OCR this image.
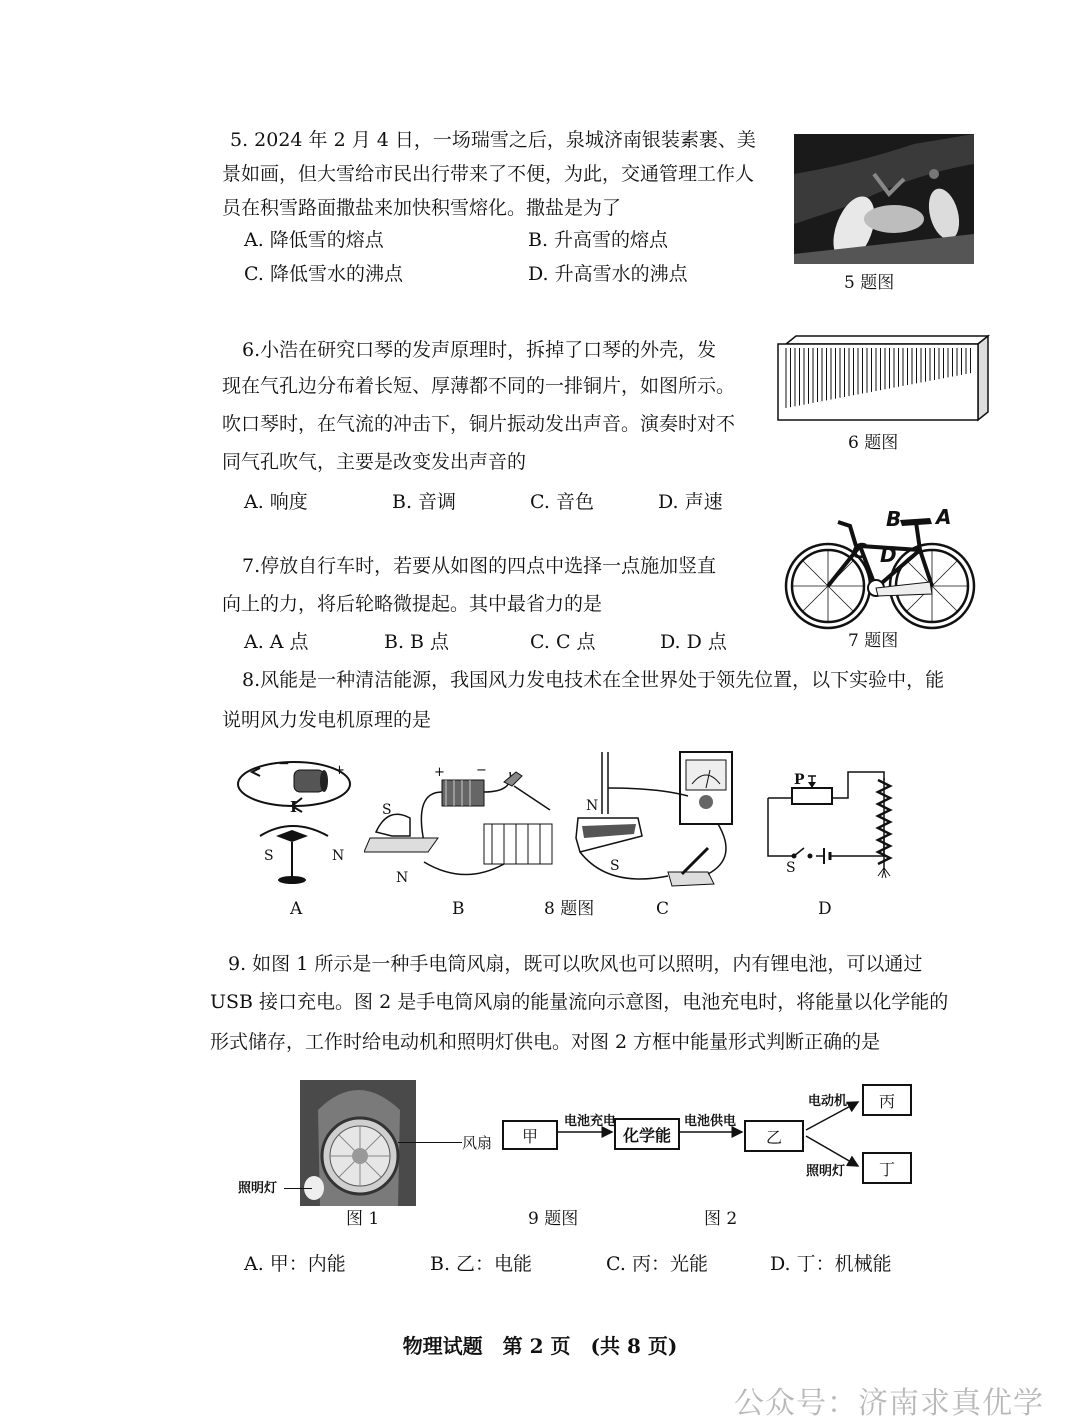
5. 2024 年 2 月 4 日，一场瑞雪之后，泉城济南银装素裹、美
景如画，但大雪给市民出行带来了不便，为此，交通管理工作人
员在积雪路面撒盐来加快积雪熔化。撒盐是为了
A. 降低雪的熔点	B. 升高雪的熔点
C. 降低雪水的沸点	D. 升高雪水的沸点	5 题图
6.小浩在研究口琴的发声原理时，拆掉了口琴的外壳，发
现在气孔边分布着长短、厚薄都不同的一排铜片，如图所示。
吹口琴时，在气流的冲击下，铜片振动发出声音。演奏时对不
同气孔吹气，主要是改变发出声音的
A. 响度	B. 音调	C. 音色	D. 声速
6 题图
7.停放自行车时，若要从如图的四点中选择一点施加竖直
向上的力，将后轮略微提起。其中最省力的是
A. A 点	B. B 点	C. C 点	D. D 点
A
B
C D
7 题图
8.风能是一种清洁能源，我国风力发电技术在全世界处于领先位置，以下实验中，能
说明风力发电机原理的是
−	+
I
S	N
+ −
S
N
N
S
P
S
A	B	8 题图	C	D
9. 如图 1 所示是一种手电筒风扇，既可以吹风也可以照明，内有锂电池，可以通过
USB 接口充电。图 2 是手电筒风扇的能量流向示意图，电池充电时，将能量以化学能的
形式储存，工作时给电动机和照明灯供电。对图 2 方框中能量形式判断正确的是
风扇
照明灯
图 1
甲	化学能	乙
丙
丁
电池充电	电池供电
电动机
照明灯
9 题图	图 2
A. 甲：内能	B. 乙：电能	C. 丙：光能	D. 丁：机械能
物理试题　第 2 页　(共 8 页)
公众号：济南求真优学
